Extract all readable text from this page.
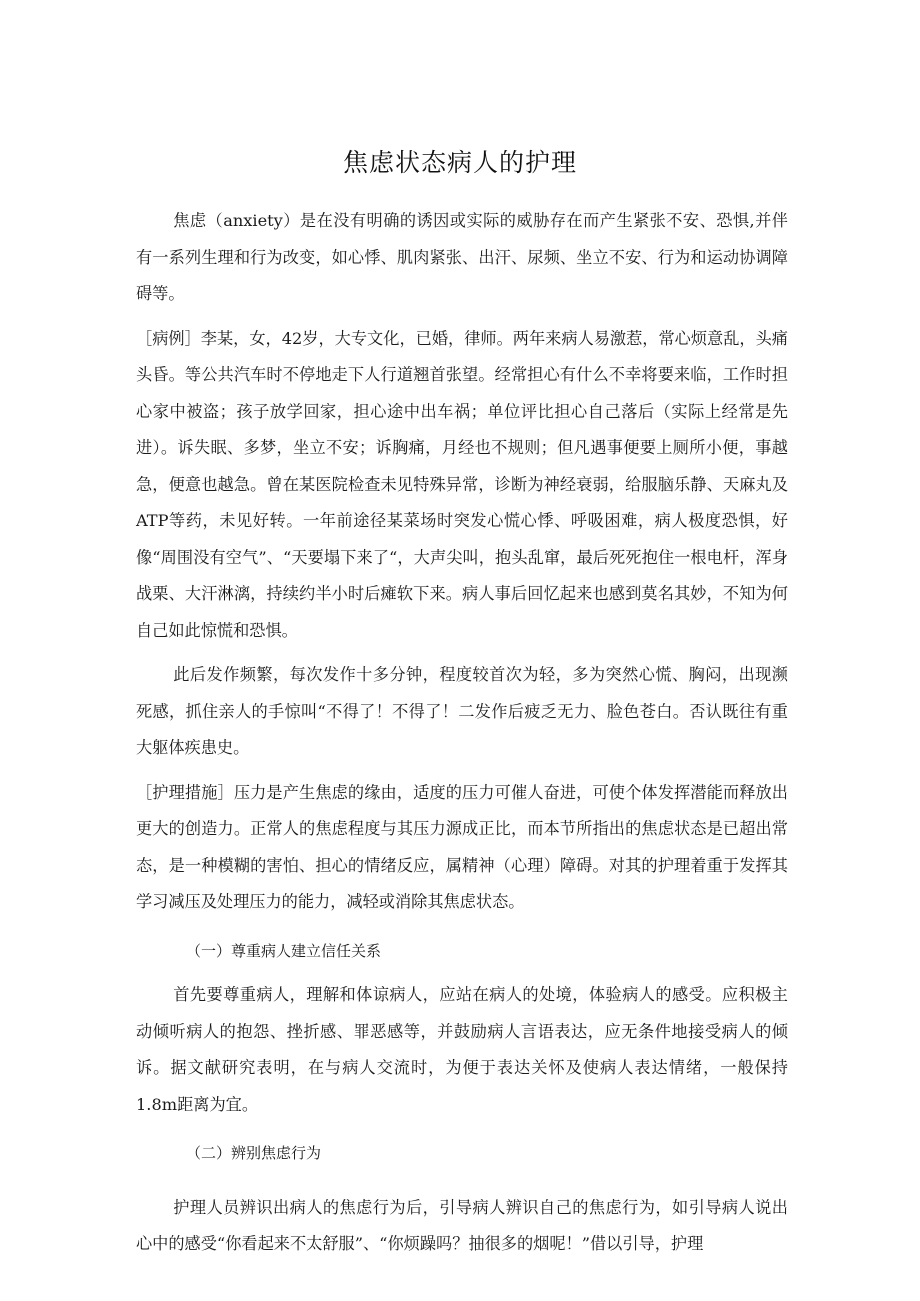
焦虑状态病人的护理

焦虑（anxiety）是在没有明确的诱因或实际的威胁存在而产生紧张不安、恐惧,并伴有一系列生理和行为改变，如心悸、肌肉紧张、出汗、尿频、坐立不安、行为和运动协调障碍等。

［病例］李某，女，42岁，大专文化，已婚，律师。两年来病人易激惹，常心烦意乱，头痛头昏。等公共汽车时不停地走下人行道翘首张望。经常担心有什么不幸将要来临，工作时担心家中被盗；孩子放学回家，担心途中出车祸；单位评比担心自己落后（实际上经常是先进）。诉失眠、多梦，坐立不安；诉胸痛，月经也不规则；但凡遇事便要上厕所小便，事越急，便意也越急。曾在某医院检查未见特殊异常，诊断为神经衰弱，给服脑乐静、天麻丸及ATP等药，未见好转。一年前途径某菜场时突发心慌心悸、呼吸困难，病人极度恐惧，好像“周围没有空气”、“天要塌下来了“，大声尖叫，抱头乱窜，最后死死抱住一根电杆，浑身战栗、大汗淋漓，持续约半小时后瘫软下来。病人事后回忆起来也感到莫名其妙，不知为何自己如此惊慌和恐惧。

此后发作频繁，每次发作十多分钟，程度较首次为轻，多为突然心慌、胸闷，出现濒死感，抓住亲人的手惊叫“不得了！不得了！二发作后疲乏无力、脸色苍白。否认既往有重大躯体疾患史。

［护理措施］压力是产生焦虑的缘由，适度的压力可催人奋进，可使个体发挥潜能而释放出更大的创造力。正常人的焦虑程度与其压力源成正比，而本节所指出的焦虑状态是已超出常态，是一种模糊的害怕、担心的情绪反应，属精神（心理）障碍。对其的护理着重于发挥其学习减压及处理压力的能力，减轻或消除其焦虑状态。

（一）尊重病人建立信任关系

首先要尊重病人，理解和体谅病人，应站在病人的处境，体验病人的感受。应积极主动倾听病人的抱怨、挫折感、罪恶感等，并鼓励病人言语表达，应无条件地接受病人的倾诉。据文献研究表明，在与病人交流时，为便于表达关怀及使病人表达情绪，一般保持1.8m距离为宜。

（二）辨别焦虑行为

护理人员辨识出病人的焦虑行为后，引导病人辨识自己的焦虑行为，如引导病人说出心中的感受“你看起来不太舒服”、“你烦躁吗？抽很多的烟呢！”借以引导，护理
